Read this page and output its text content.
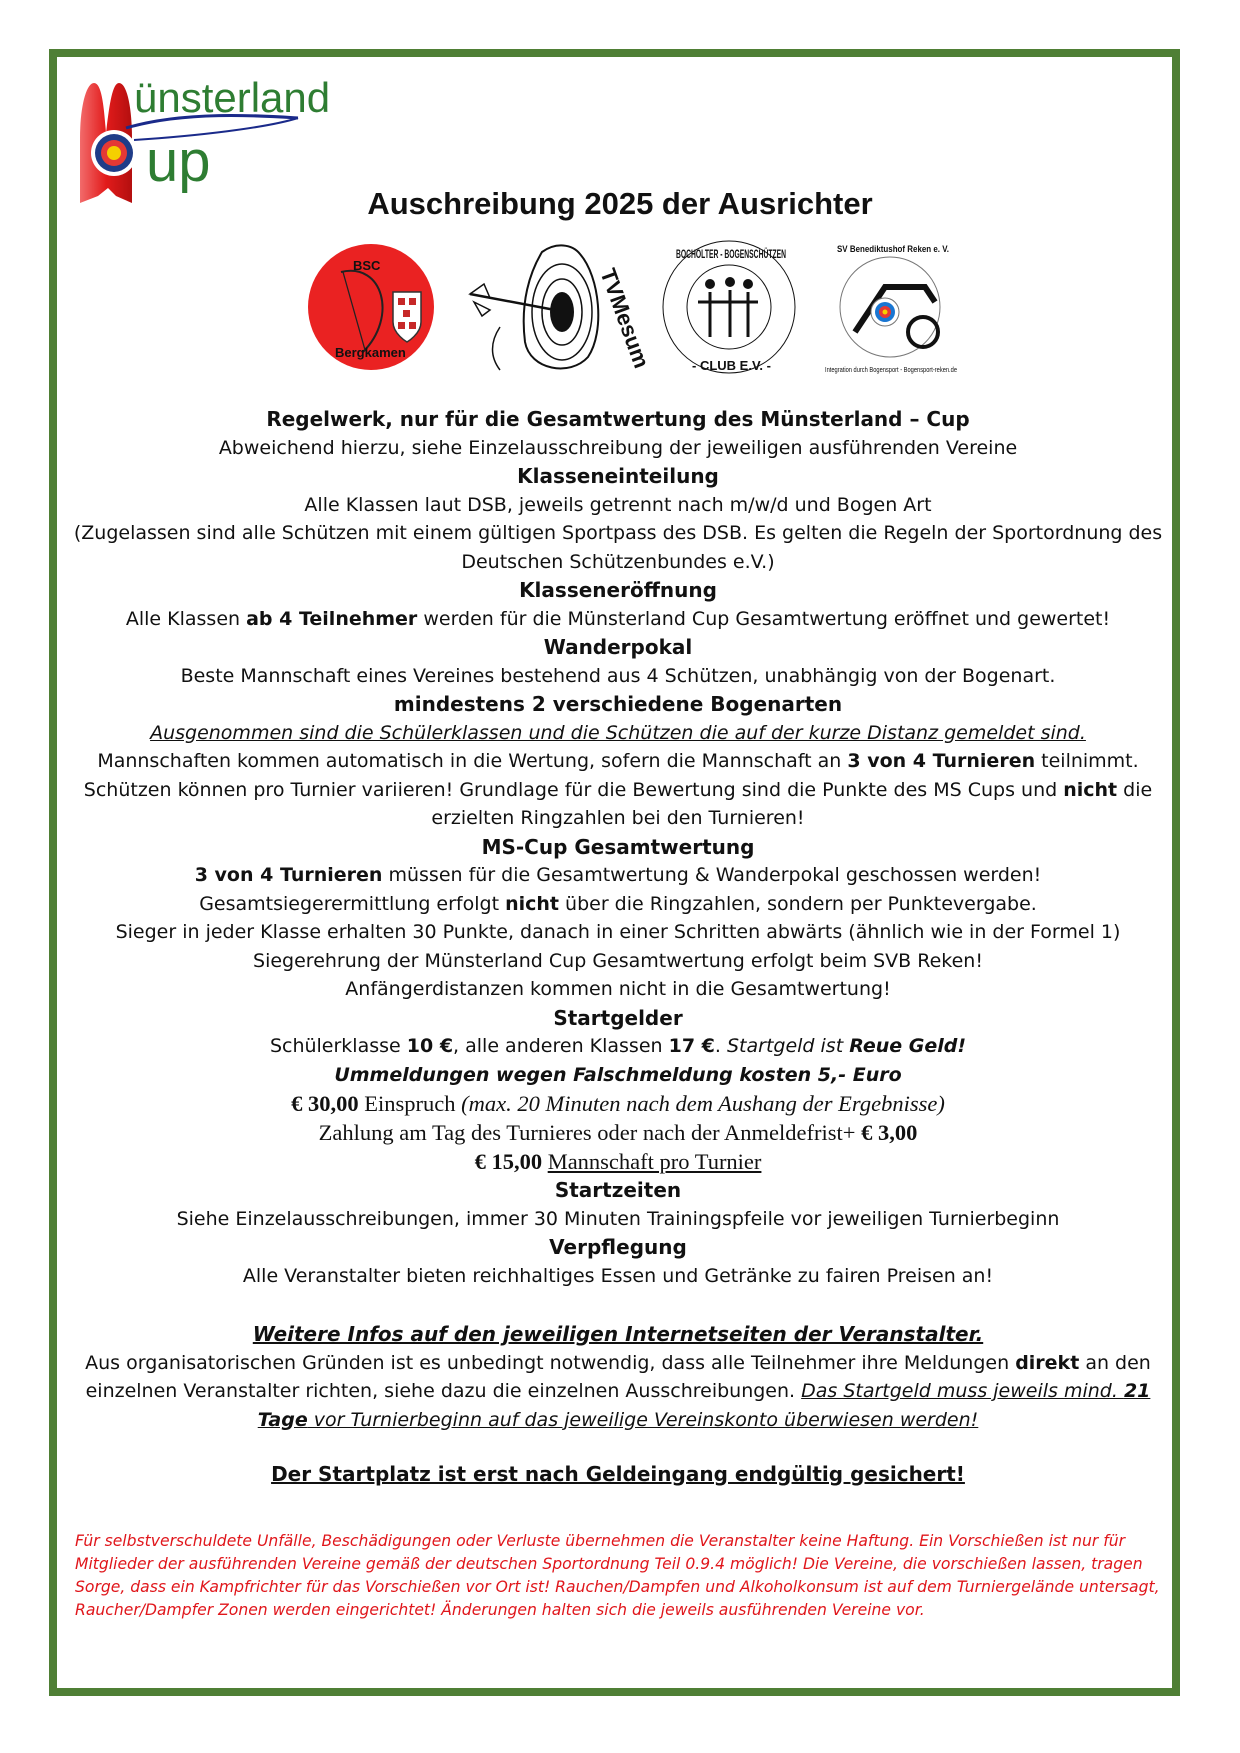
ünsterland
up
Auschreibung 2025 der Ausrichter
BSC
Bergkamen	TVMesum
BOCHOLTER - BOGENSCHÜTZEN
- CLUB E.V. -
SV Benediktushof Reken e. V.
Integration durch Bogensport - Bogensport-reken.de

Regelwerk, nur für die Gesamtwertung des Münsterland – Cup

Abweichend hierzu, siehe Einzelausschreibung der jeweiligen ausführenden Vereine

Klasseneinteilung

Alle Klassen laut DSB, jeweils getrennt nach m/w/d und Bogen Art

(Zugelassen sind alle Schützen mit einem gültigen Sportpass des DSB. Es gelten die Regeln der Sportordnung des Deutschen Schützenbundes e.V.)

Klasseneröffnung

Alle Klassen ab 4 Teilnehmer werden für die Münsterland Cup Gesamtwertung eröffnet und gewertet!

Wanderpokal

Beste Mannschaft eines Vereines bestehend aus 4 Schützen, unabhängig von der Bogenart.

mindestens 2 verschiedene Bogenarten

Ausgenommen sind die Schülerklassen und die Schützen die auf der kurze Distanz gemeldet sind.

Mannschaften kommen automatisch in die Wertung, sofern die Mannschaft an 3 von 4 Turnieren teilnimmt.

Schützen können pro Turnier variieren! Grundlage für die Bewertung sind die Punkte des MS Cups und nicht die erzielten Ringzahlen bei den Turnieren!

MS-Cup Gesamtwertung

3 von 4 Turnieren müssen für die Gesamtwertung & Wanderpokal geschossen werden!

Gesamtsiegerermittlung erfolgt nicht über die Ringzahlen, sondern per Punktevergabe.

Sieger in jeder Klasse erhalten 30 Punkte, danach in einer Schritten abwärts (ähnlich wie in der Formel 1)

Siegerehrung der Münsterland Cup Gesamtwertung erfolgt beim SVB Reken!

Anfängerdistanzen kommen nicht in die Gesamtwertung!

Startgelder

Schülerklasse 10 €, alle anderen Klassen 17 €. Startgeld ist Reue Geld!

Ummeldungen wegen Falschmeldung kosten 5,- Euro

€ 30,00 Einspruch (max. 20 Minuten nach dem Aushang der Ergebnisse)

Zahlung am Tag des Turnieres oder nach der Anmeldefrist+ € 3,00

€ 15,00 Mannschaft pro Turnier

Startzeiten

Siehe Einzelausschreibungen, immer 30 Minuten Trainingspfeile vor jeweiligen Turnierbeginn

Verpflegung

Alle Veranstalter bieten reichhaltiges Essen und Getränke zu fairen Preisen an!

Weitere Infos auf den jeweiligen Internetseiten der Veranstalter.

Aus organisatorischen Gründen ist es unbedingt notwendig, dass alle Teilnehmer ihre Meldungen direkt an den einzelnen Veranstalter richten, siehe dazu die einzelnen Ausschreibungen. Das Startgeld muss jeweils mind. 21 Tage vor Turnierbeginn auf das jeweilige Vereinskonto überwiesen werden!

Der Startplatz ist erst nach Geldeingang endgültig gesichert!

Für selbstverschuldete Unfälle, Beschädigungen oder Verluste übernehmen die Veranstalter keine Haftung. Ein Vorschießen ist nur für Mitglieder der ausführenden Vereine gemäß der deutschen Sportordnung Teil 0.9.4 möglich! Die Vereine, die vorschießen lassen, tragen Sorge, dass ein Kampfrichter für das Vorschießen vor Ort ist! Rauchen/Dampfen und Alkoholkonsum ist auf dem Turniergelände untersagt, Raucher/Dampfer Zonen werden eingerichtet! Änderungen halten sich die jeweils ausführenden Vereine vor.
